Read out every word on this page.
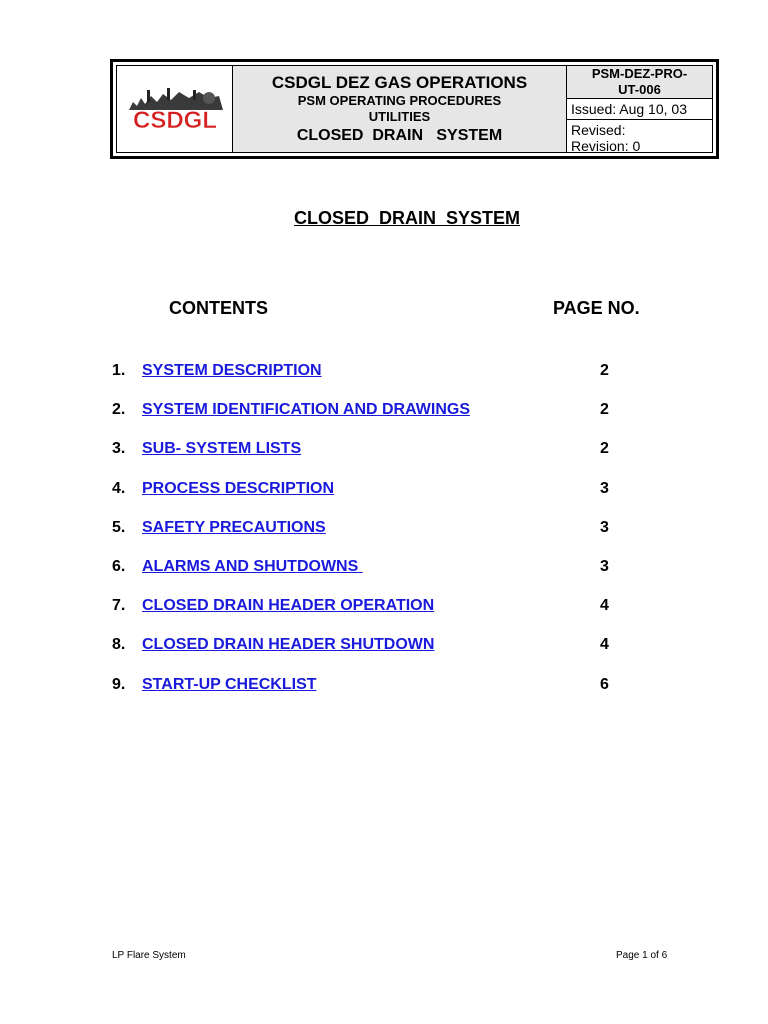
CSDGL
CSDGL DEZ GAS OPERATIONS
PSM OPERATING PROCEDURES
UTILITIES
CLOSED  DRAIN   SYSTEM
PSM-DEZ-PRO-
UT-006
Issued: Aug 10, 03
Revised:
Revision: 0
CLOSED  DRAIN  SYSTEM
CONTENTS	PAGE NO.
1. SYSTEM DESCRIPTION	2
2. SYSTEM IDENTIFICATION AND DRAWINGS	2
3. SUB- SYSTEM LISTS	2
4. PROCESS DESCRIPTION	3
5. SAFETY PRECAUTIONS	3
6. ALARMS AND SHUTDOWNS	3
7. CLOSED DRAIN HEADER OPERATION	4
8. CLOSED DRAIN HEADER SHUTDOWN	4
9. START-UP CHECKLIST	6
LP Flare System	Page 1 of 6
